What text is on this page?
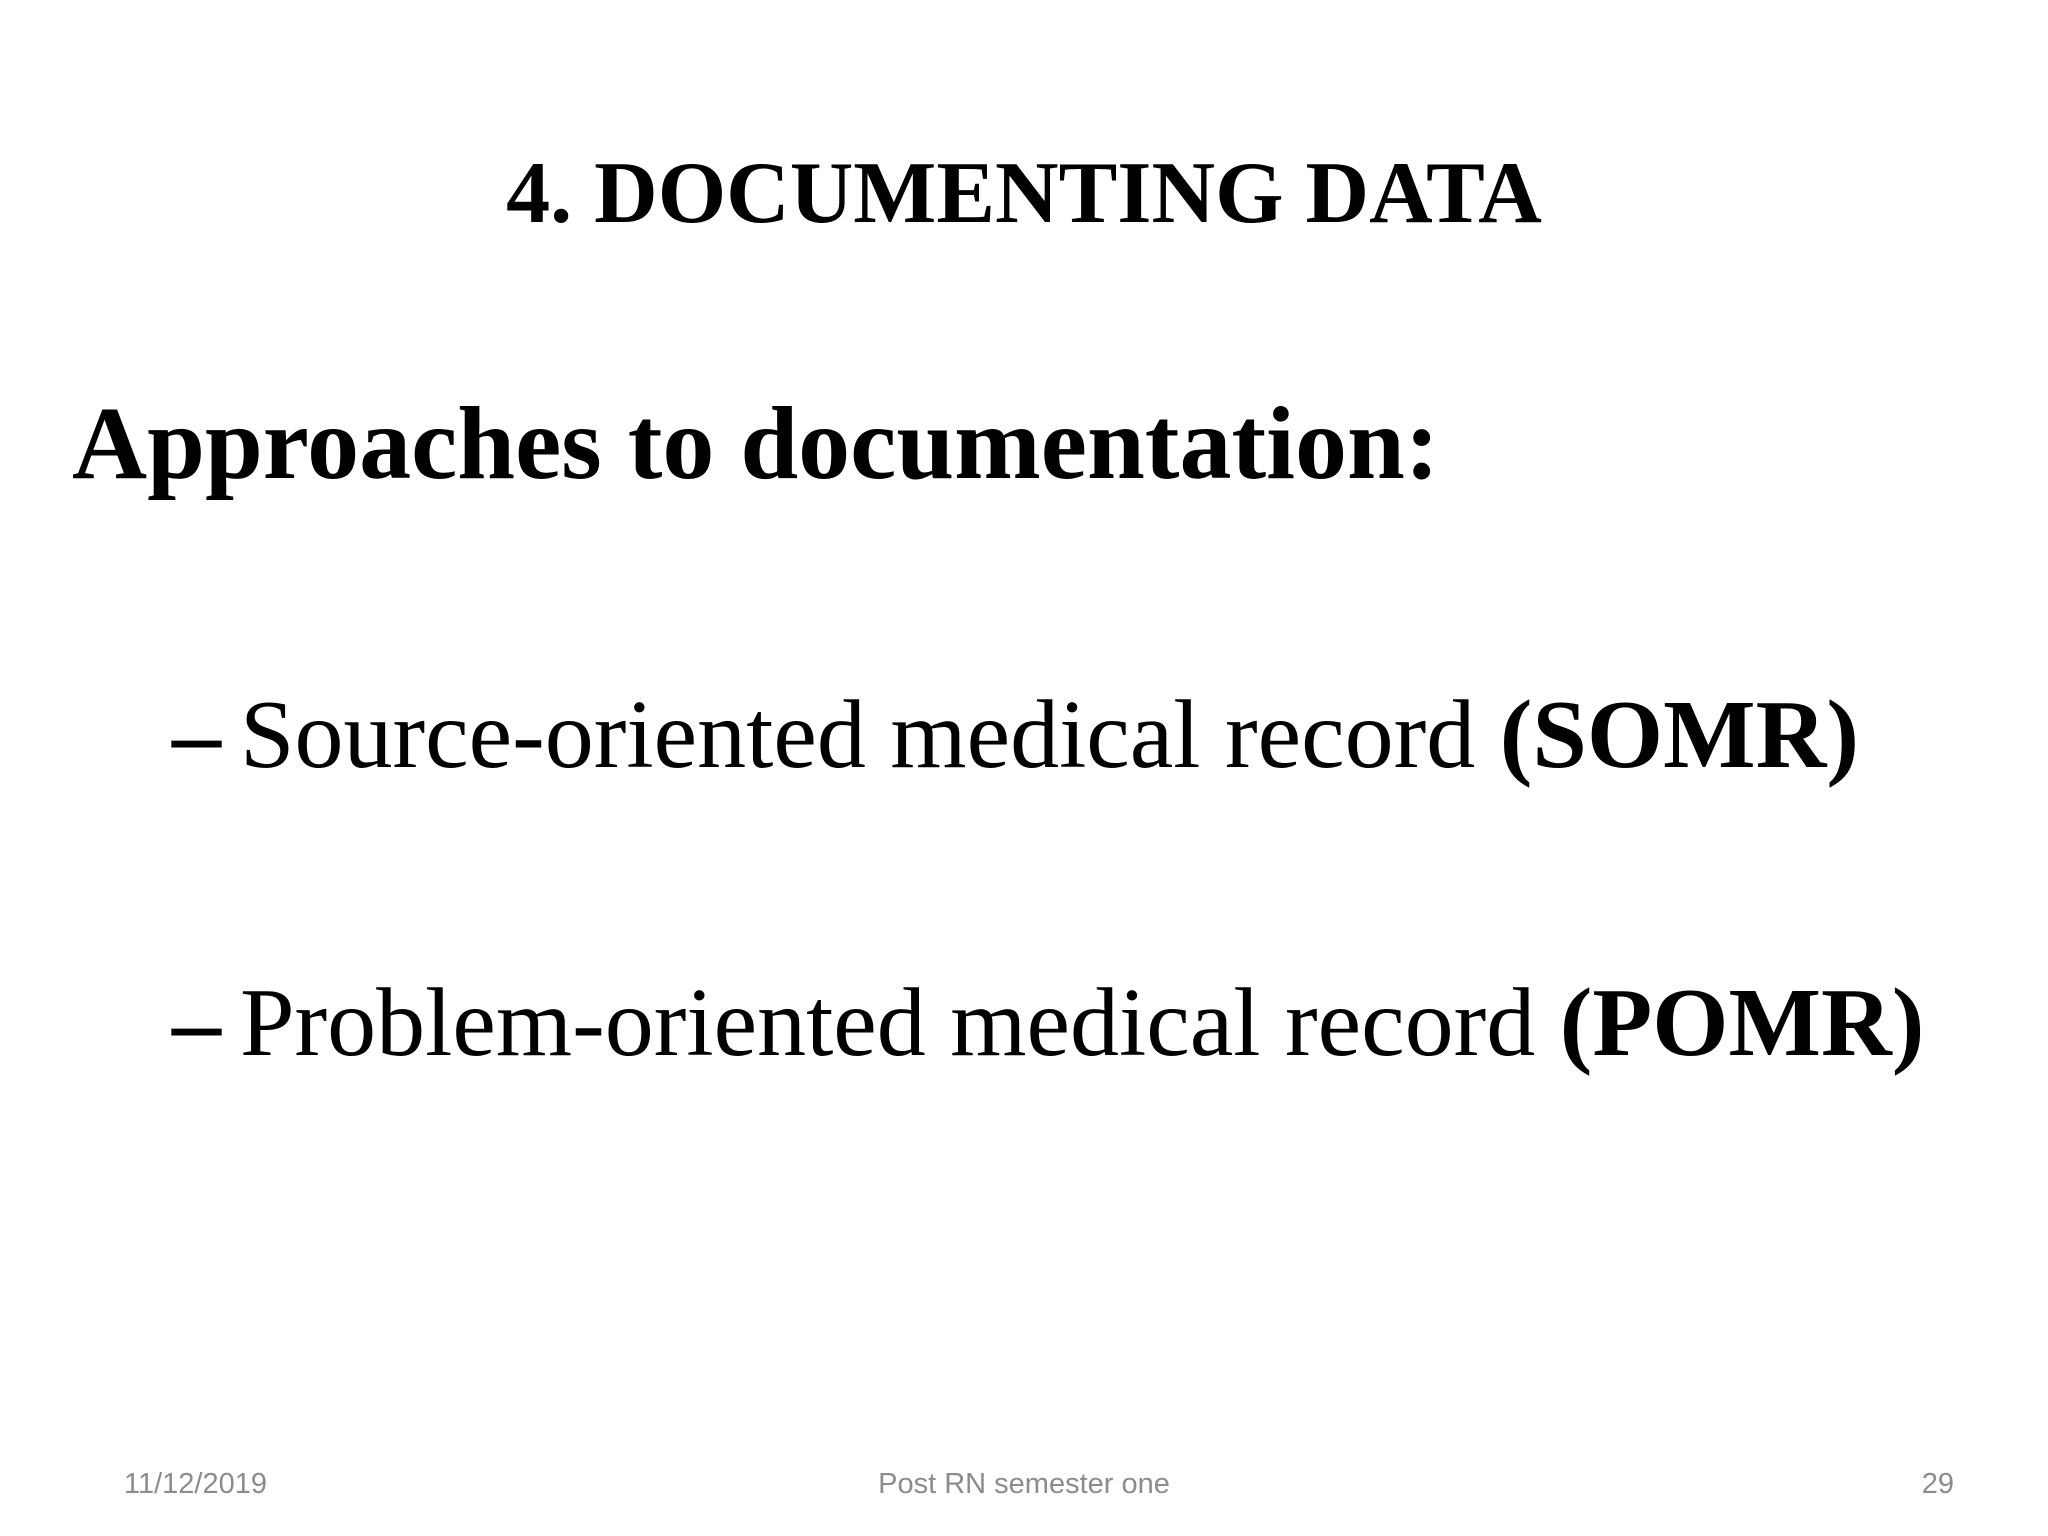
4. DOCUMENTING DATA
Approaches to documentation:
– Source-oriented medical record (SOMR)
– Problem-oriented medical record (POMR)
11/12/2019	Post RN semester one	29
